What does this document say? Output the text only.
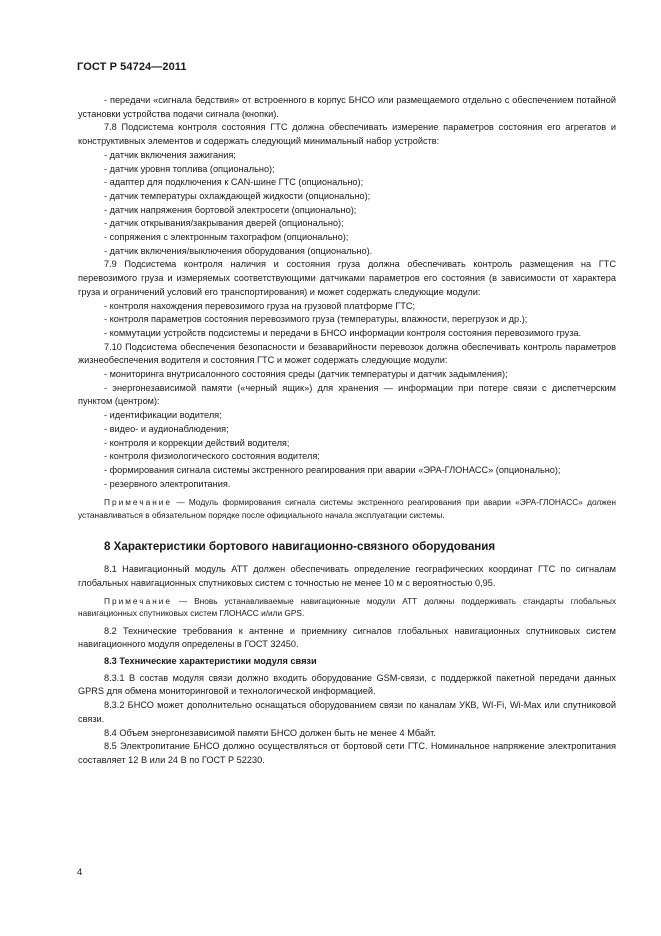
ГОСТ Р 54724—2011

- передачи «сигнала бедствия» от встроенного в корпус БНСО или размещаемого отдельно с обеспечением потайной установки устройства подачи сигнала (кнопки).

7.8 Подсистема контроля состояния ГТС должна обеспечивать измерение параметров состояния его агрегатов и конструктивных элементов и содержать следующий минимальный набор устройств:

- датчик включения зажигания;

- датчик уровня топлива (опционально);

- адаптер для подключения к CAN-шине ГТС (опционально);

- датчик температуры охлаждающей жидкости (опционально);

- датчик напряжения бортовой электросети (опционально);

- датчик открывания/закрывания дверей (опционально);

- сопряжения с электронным тахографом (опционально);

- датчик включения/выключения оборудования (опционально).

7.9 Подсистема контроля наличия и состояния груза должна обеспечивать контроль размещения на ГТС перевозимого груза и измеряемых соответствующими датчиками параметров его состояния (в зависимости от характера груза и ограничений условий его транспортирования) и может содержать следующие модули:

- контроля нахождения перевозимого груза на грузовой платформе ГТС;

- контроля параметров состояния перевозимого груза (температуры, влажности, перегрузок и др.);

- коммутации устройств подсистемы и передачи в БНСО информации контроля состояния перевозимого груза.

7.10 Подсистема обеспечения безопасности и безаварийности перевозок должна обеспечивать контроль параметров жизнеобеспечения водителя и состояния ГТС и может содержать следующие модули:

- мониторинга внутрисалонного состояния среды (датчик температуры и датчик задымления);

- энергонезависимой памяти («черный ящик») для хранения — информации при потере связи с диспетчерским пунктом (центром):

- идентификации водителя;

- видео- и аудионаблюдения;

- контроля и коррекции действий водителя;

- контроля физиологического состояния водителя;

- формирования сигнала системы экстренного реагирования при аварии «ЭРА-ГЛОНАСС» (опционально);

- резервного электропитания.

Примечание — Модуль формирования сигнала системы экстренного реагирования при аварии «ЭРА-ГЛОНАСС» должен устанавливаться в обязательном порядке после официального начала эксплуатации системы.

8 Характеристики бортового навигационно-связного оборудования

8.1 Навигационный модуль АТТ должен обеспечивать определение географических координат ГТС по сигналам глобальных навигационных спутниковых систем с точностью не менее 10 м с вероятностью 0,95.

Примечание — Вновь устанавливаемые навигационные модули АТТ должны поддерживать стандарты глобальных навигационных спутниковых систем ГЛОНАСС и/или GPS.

8.2 Технические требования к антенне и приемнику сигналов глобальных навигационных спутниковых систем навигационного модуля определены в ГОСТ 32450.

8.3 Технические характеристики модуля связи

8.3.1 В состав модуля связи должно входить оборудование GSM-связи, с поддержкой пакетной передачи данных GPRS для обмена мониторинговой и технологической информацией.

8.3.2 БНСО может дополнительно оснащаться оборудованием связи по каналам УКВ, WI-Fi, Wi-Max или спутниковой связи.

8.4 Объем энергонезависимой памяти БНСО должен быть не менее 4 Мбайт.

8.5 Электропитание БНСО должно осуществляться от бортовой сети ГТС. Номинальное напряжение электропитания составляет 12 В или 24 В по ГОСТ Р 52230.

4
